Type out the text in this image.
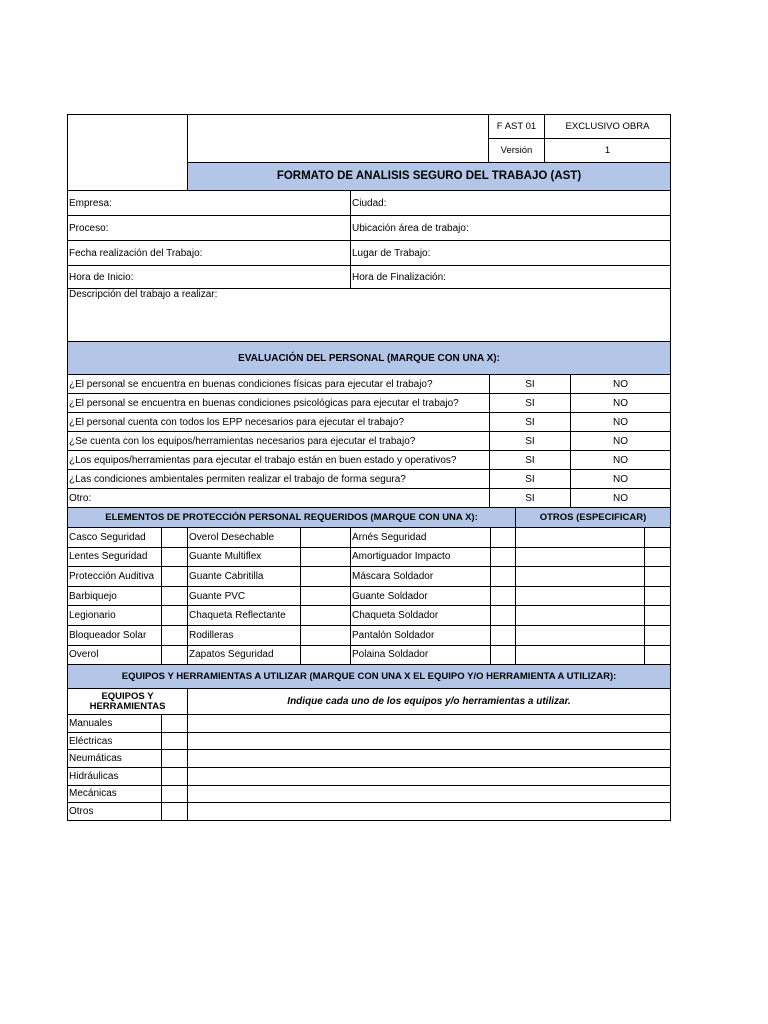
		F AST 01	EXCLUSIVO OBRA
		Versión	1
	FORMATO DE ANALISIS SEGURO DEL TRABAJO (AST)		
Empresa:	Ciudad:
Proceso:	Ubicación área de trabajo:
Fecha realización del Trabajo:	Lugar de Trabajo:
Hora de Inicio:	Hora de Finalización:
Descripción del trabajo a realizar:	
EVALUACIÓN DEL PERSONAL (MARQUE CON UNA X):		
¿El personal se encuentra en buenas condiciones físicas para ejecutar el trabajo?	SI	NO
¿El personal se encuentra en buenas condiciones psicológicas para ejecutar el trabajo?	SI	NO
¿El personal cuenta con todos los EPP necesarios para ejecutar el trabajo?	SI	NO
¿Se cuenta con los equipos/herramientas necesarios para ejecutar el trabajo?	SI	NO
¿Los equipos/herramientas para ejecutar el trabajo están en buen estado y operativos?	SI	NO
¿Las condiciones ambientales permiten realizar el trabajo de forma segura?	SI	NO
Otro:	SI	NO
ELEMENTOS DE PROTECCIÓN PERSONAL REQUERIDOS (MARQUE CON UNA X):						OTROS (ESPECIFICAR)	
Casco Seguridad		Overol Desechable		Arnés Seguridad			
Lentes Seguridad		Guante Multiflex		Amortiguador Impacto			
Protección Auditiva		Guante Cabritilla		Máscara Soldador			
Barbiquejo		Guante PVC		Guante Soldador			
Legionario		Chaqueta Reflectante		Chaqueta Soldador			
Bloqueador Solar		Rodilleras		Pantalón Soldador			
Overol		Zapatos Seguridad		Polaina Soldador			
EQUIPOS Y HERRAMIENTAS A UTILIZAR (MARQUE CON UNA X EL EQUIPO Y/O HERRAMIENTA A UTILIZAR):		
EQUIPOS Y HERRAMIENTAS		Indique cada uno de los equipos y/o herramientas a utilizar.
Manuales		
Eléctricas		
Neumáticas		
Hidráulicas		
Mecánicas		
Otros		
